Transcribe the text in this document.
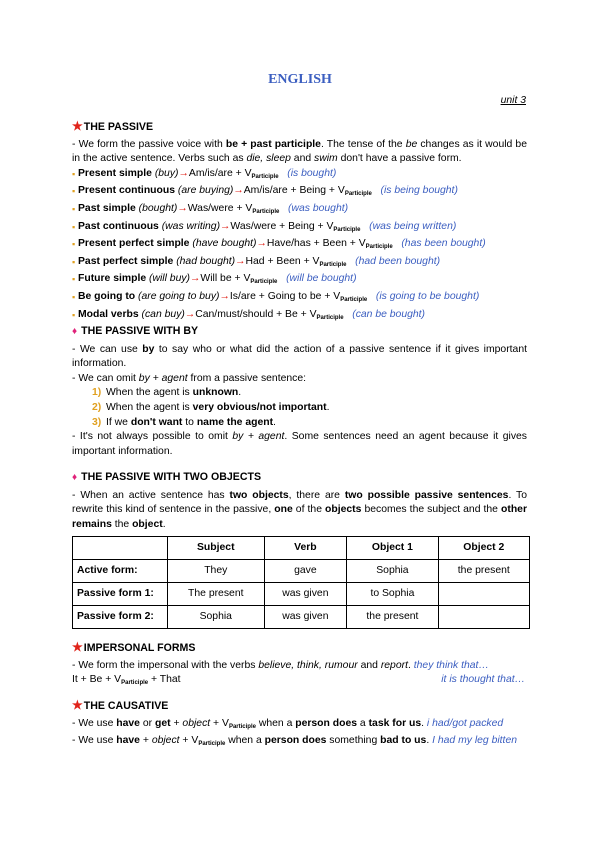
ENGLISH
unit 3
★THE PASSIVE
- We form the passive voice with be + past participle. The tense of the be changes as it would be in the active sentence. Verbs such as die, sleep and swim don't have a passive form.
▪ Present simple $(buy)\to Am/is/are + V_{Participle}$ (is bought)
▪ Present continuous (are buying)→Am/is/are + Being + $V_{Participle}$ (is being bought)
▪ Past simple (bought)→Was/were + $V_{Participle}$ (was bought)
▪ Past continuous (was writing)→Was/were + Being + $V_{Participle}$ (was being written)
▪ Present perfect simple (have bought)→Have/has + Been + $V_{Participle}$ (has been bought)
▪ Past perfect simple (had bought)→Had + Been + $V_{Participle}$ (had been bought)
▪ Future simple (will buy)→Will be + $V_{Participle}$ (will be bought)
▪ Be going to (are going to buy)→Is/are + Going to be + $V_{Participle}$ (is going to be bought)
▪ Modal verbs (can buy)→Can/must/should + $Be + V_{Participle}$ (can be bought)
♦ THE PASSIVE WITH BY
- We can use by to say who or what did the action of a passive sentence if it gives important information.
- We can omit by + agent from a passive sentence:
1) When the agent is unknown.
2) When the agent is very obvious/not important.
3) If we don't want to name the agent.
- It's not always possible to omit by + agent. Some sentences need an agent because it gives important information.
♦ THE PASSIVE WITH TWO OBJECTS
- When an active sentence has two objects, there are two possible passive sentences. To rewrite this kind of sentence in the passive, one of the objects becomes the subject and the other remains the object.
	Subject	Verb	Object 1	Object 2
Active form:	They	gave	Sophia	the present
Passive form 1:	The present	was given	to Sophia	
Passive form 2:	Sophia	was given	the present	
★IMPERSONAL FORMS
- We form the impersonal with the verbs believe, think, rumour and report. they think that…
$It + Be + V_{Participle}$ + That	it is thought that…
★THE CAUSATIVE
- We use have or get + object + $V_{Participle}$ when a person does a task for us. i had/got packed
- We use have + object + $V_{Participle}$ when a person does something bad to us. I had my leg bitten
